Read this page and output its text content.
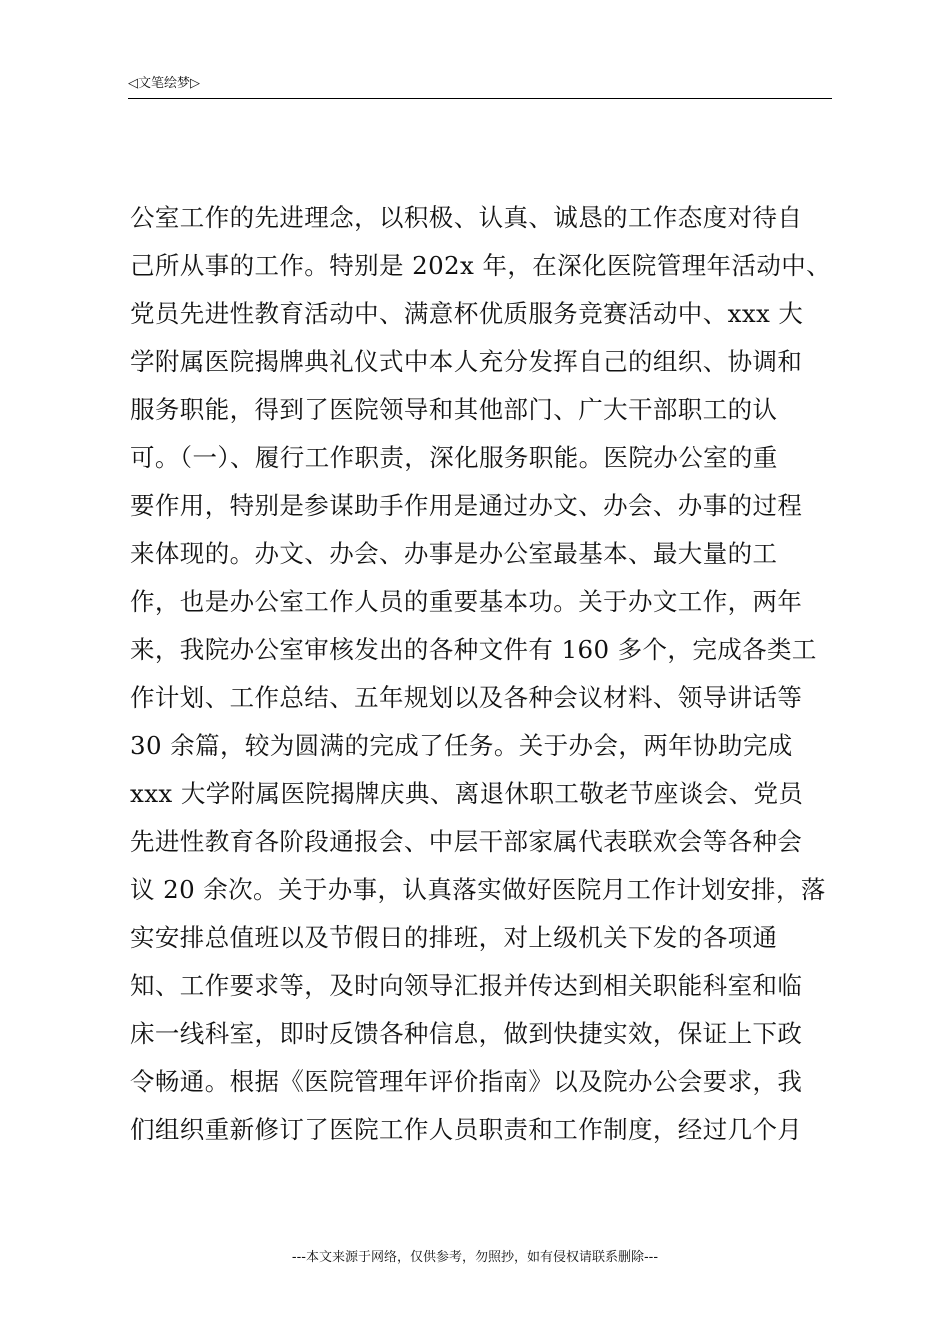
◁文笔绘梦▷
公室工作的先进理念，以积极、认真、诚恳的工作态度对待自
己所从事的工作。特别是 202x 年，在深化医院管理年活动中、
党员先进性教育活动中、满意杯优质服务竞赛活动中、xxx 大
学附属医院揭牌典礼仪式中本人充分发挥自己的组织、协调和
服务职能，得到了医院领导和其他部门、广大干部职工的认
可。（一）、履行工作职责，深化服务职能。医院办公室的重
要作用，特别是参谋助手作用是通过办文、办会、办事的过程
来体现的。办文、办会、办事是办公室最基本、最大量的工
作，也是办公室工作人员的重要基本功。关于办文工作，两年
来，我院办公室审核发出的各种文件有 160 多个，完成各类工
作计划、工作总结、五年规划以及各种会议材料、领导讲话等
30 余篇，较为圆满的完成了任务。关于办会，两年协助完成
xxx 大学附属医院揭牌庆典、离退休职工敬老节座谈会、党员
先进性教育各阶段通报会、中层干部家属代表联欢会等各种会
议 20 余次。关于办事，认真落实做好医院月工作计划安排，落
实安排总值班以及节假日的排班，对上级机关下发的各项通
知、工作要求等，及时向领导汇报并传达到相关职能科室和临
床一线科室，即时反馈各种信息，做到快捷实效，保证上下政
令畅通。根据《医院管理年评价指南》以及院办公会要求，我
们组织重新修订了医院工作人员职责和工作制度，经过几个月
---本文来源于网络，仅供参考，勿照抄，如有侵权请联系删除---
